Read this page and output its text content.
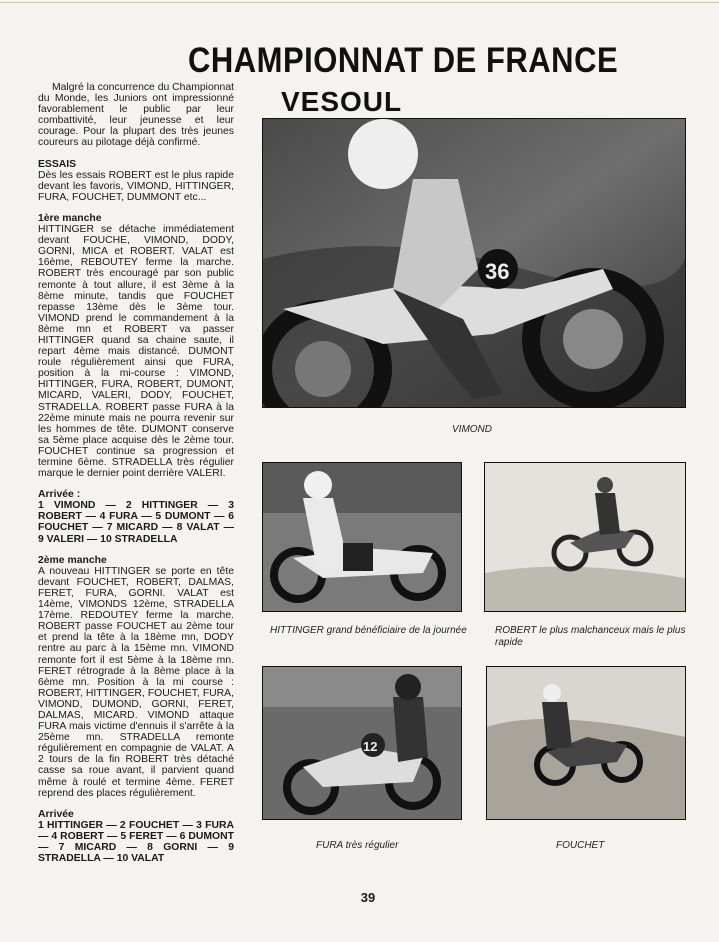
CHAMPIONNAT DE FRANCE
VESOUL

Malgré la concurrence du Championnat du Monde, les Juniors ont impressionné favorablement le public par leur combattivité, leur jeunesse et leur courage. Pour la plupart des très jeunes coureurs au pilotage déjà confirmé.

ESSAIS

Dès les essais ROBERT est le plus rapide devant les favoris, VIMOND, HITTINGER, FURA, FOUCHET, DUMMONT etc...

1ère manche

HITTINGER se détache immédiatement devant FOUCHE, VIMOND, DODY, GORNI, MICA et ROBERT. VALAT est 16ème, REBOUTEY ferme la marche. ROBERT très encouragé par son public remonte à tout allure, il est 3ème à la 8ème minute, tandis que FOUCHET repasse 13ème dès le 3ème tour. VIMOND prend le commandement à la 8ème mn et ROBERT va passer HITTINGER quand sa chaine saute, il repart 4ème mais distancé. DUMONT roule régulièrement ainsi que FURA, position à la mi-course : VIMOND, HITTINGER, FURA, ROBERT, DUMONT, MICARD, VALERI, DODY, FOUCHET, STRADELLA. ROBERT passe FURA à la 22ème minute mais ne pourra revenir sur les hommes de tête. DUMONT conserve sa 5ème place acquise dès le 2ème tour. FOUCHET continue sa progression et termine 6ème. STRADELLA très régulier marque le dernier point derrière VALERI.

Arrivée :

1 VIMOND — 2 HITTINGER — 3 ROBERT — 4 FURA — 5 DUMONT — 6 FOUCHET — 7 MICARD — 8 VALAT — 9 VALERI — 10 STRADELLA

2ème manche

A nouveau HITTINGER se porte en tête devant FOUCHET, ROBERT, DALMAS, FERET, FURA, GORNI. VALAT est 14ème, VIMONDS 12ème, STRADELLA 17ème. REDOUTEY ferme la marche. ROBERT passe FOUCHET au 2ème tour et prend la tête à la 18ème mn, DODY rentre au parc à la 15ème mn. VIMOND remonte fort il est 5ème à la 18ème mn. FERET rétrograde à la 8ème place à la 6ème mn. Position à la mi course : ROBERT, HITTINGER, FOUCHET, FURA, VIMOND, DUMOND, GORNI, FERET, DALMAS, MICARD. VIMOND attaque FURA mais victime d'ennuis il s'arrête à la 25ème mn. STRADELLA remonte régulièrement en compagnie de VALAT. A 2 tours de la fin ROBERT très détaché casse sa roue avant, il parvient quand même à roulé et termine 4ème. FERET reprend des places régulièrement.

Arrivée

1 HITTINGER — 2 FOUCHET — 3 FURA — 4 ROBERT — 5 FERET — 6 DUMONT — 7 MICARD — 8 GORNI — 9 STRADELLA — 10 VALAT

36
VIMOND
HITTINGER grand bénéficiaire de la journée	ROBERT le plus malchanceux mais le plus rapide
12
FURA très régulier	FOUCHET
39
